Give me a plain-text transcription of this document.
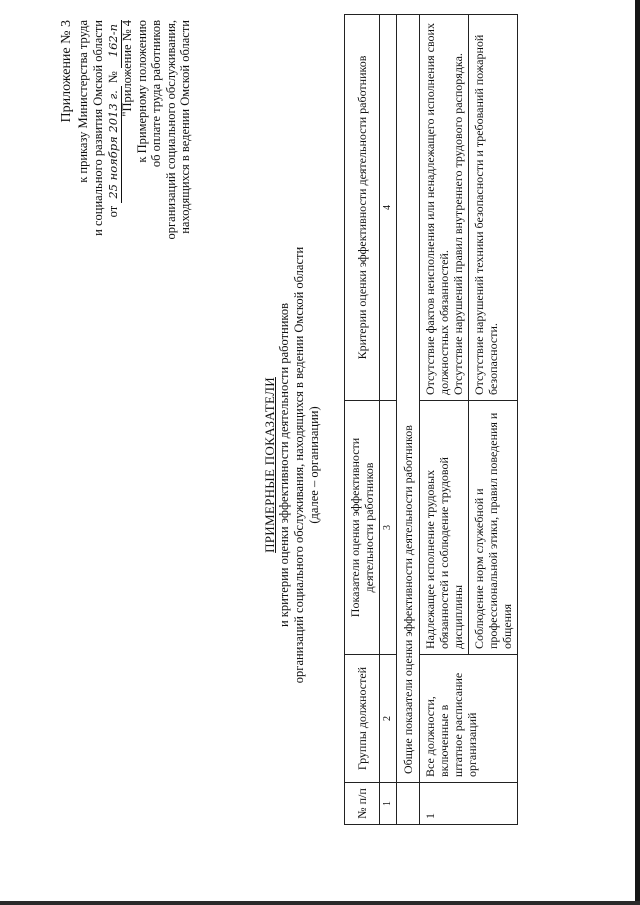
Приложение № 3 к приказу Министерства труда и социального развития Омской области от 25 ноября 2013 г. № 162-п "Приложение № 4 к Примерному положению об оплате труда работников организаций социального обслуживания, находящихся в ведении Омской области
ПРИМЕРНЫЕ ПОКАЗАТЕЛИ и критерии оценки эффективности деятельности работников организаций социального обслуживания, находящихся в ведении Омской области (далее – организации)
№ п/п	Группы должностей	Показатели оценки эффективности деятельности работников	Критерии оценки эффективности деятельности работников
1	2	3	4
	Общие показатели оценки эффективности деятельности работников		
1	Все должности, включенные в штатное расписание организаций	Надлежащее исполнение трудовых обязанностей и соблюдение трудовой дисциплины	Отсутствие фактов неисполнения или ненадлежащего исполнения своих должностных обязанностей. Отсутствие нарушений правил внутреннего трудового распорядка.

		Соблюдение норм служебной и профессиональной этики, правил поведения и общения	Отсутствие нарушений техники безопасности и требований пожарной безопасности.
